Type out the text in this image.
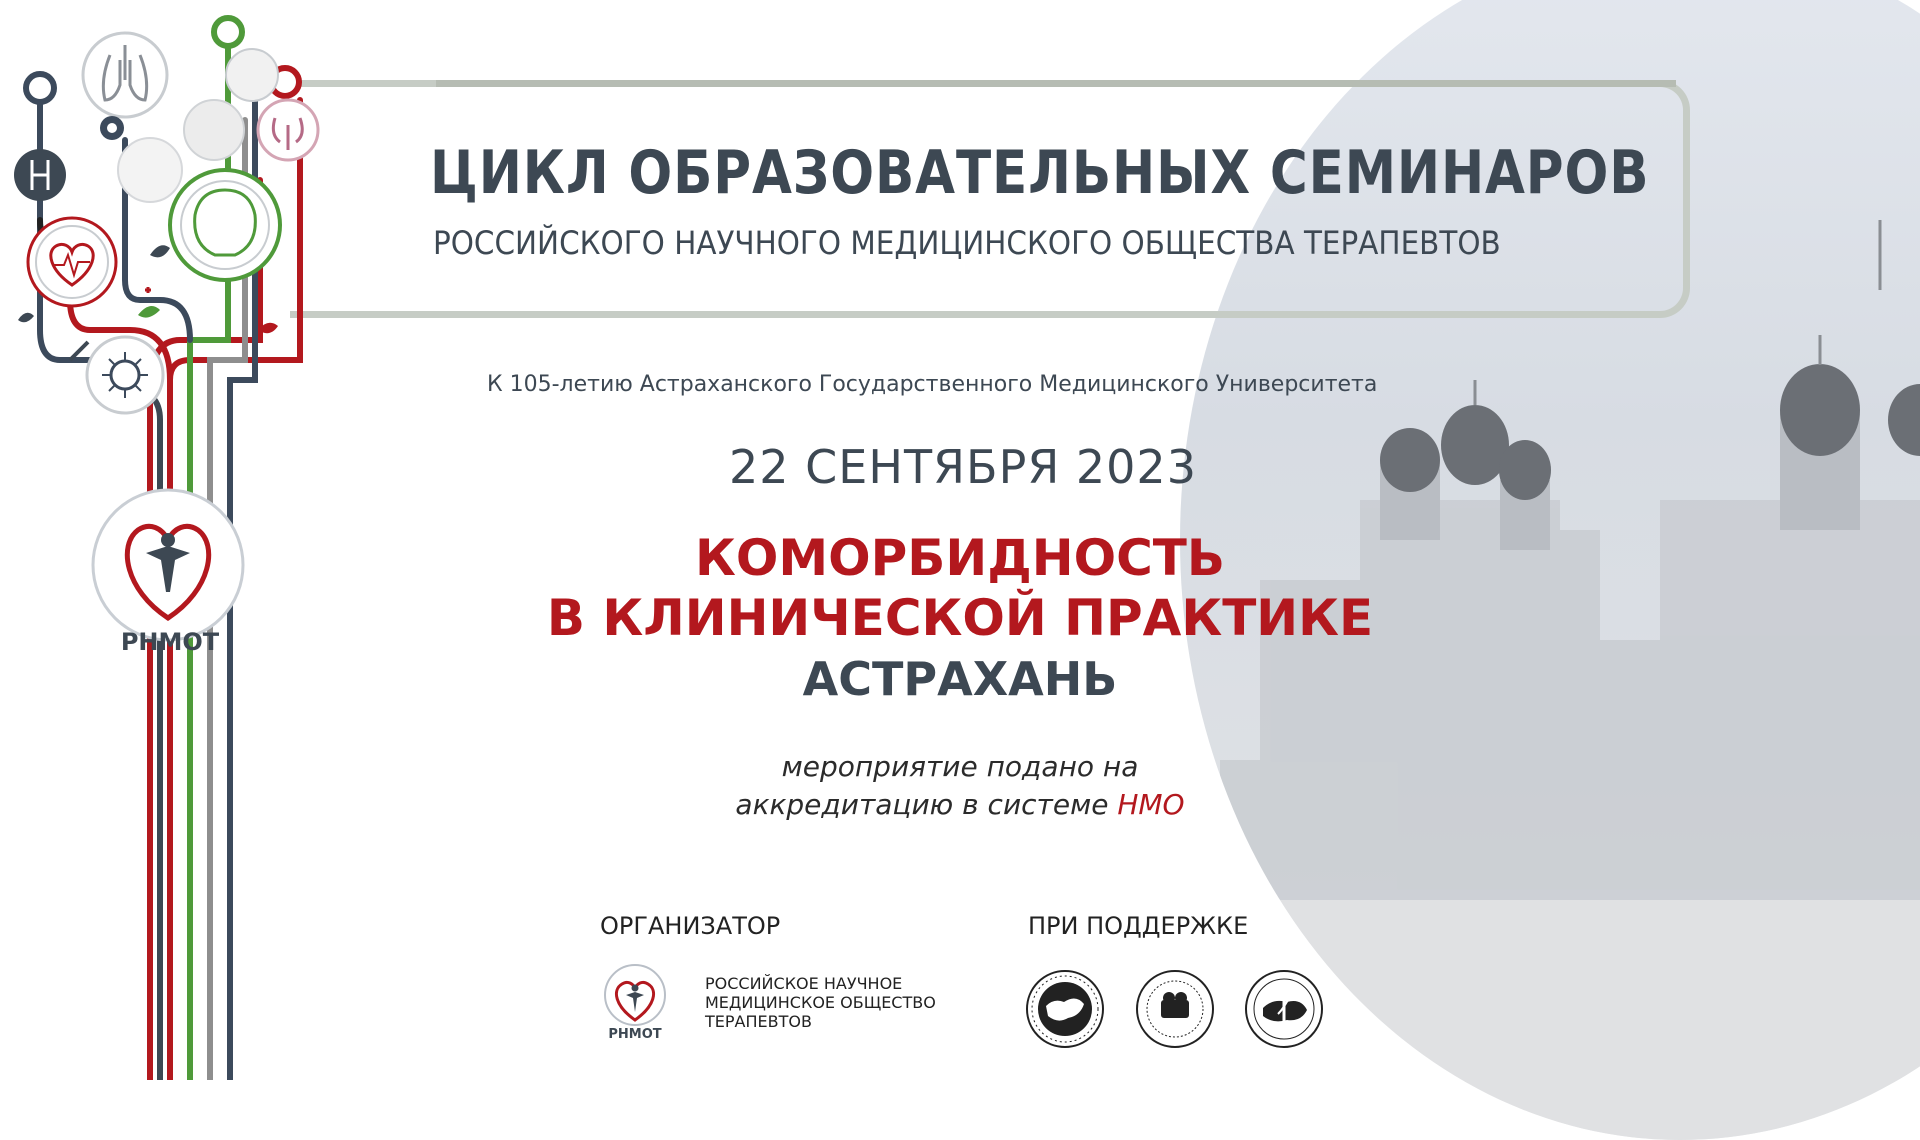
ЦИКЛ ОБРАЗОВАТЕЛЬНЫХ СЕМИНАРОВ
РОССИЙСКОГО НАУЧНОГО МЕДИЦИНСКОГО ОБЩЕСТВА ТЕРАПЕВТОВ
К 105-летию Астраханского Государственного Медицинского Университета
22 СЕНТЯБРЯ 2023
КОМОРБИДНОСТЬ
В КЛИНИЧЕСКОЙ ПРАКТИКЕ
АСТРАХАНЬ
мероприятие подано на
аккредитацию в системе НМО
ОРГАНИЗАТОР	ПРИ ПОДДЕРЖКЕ
РНМОТ
РОССИЙСКОЕ НАУЧНОЕ
МЕДИЦИНСКОЕ ОБЩЕСТВО
ТЕРАПЕВТОВ
РНМОТ
